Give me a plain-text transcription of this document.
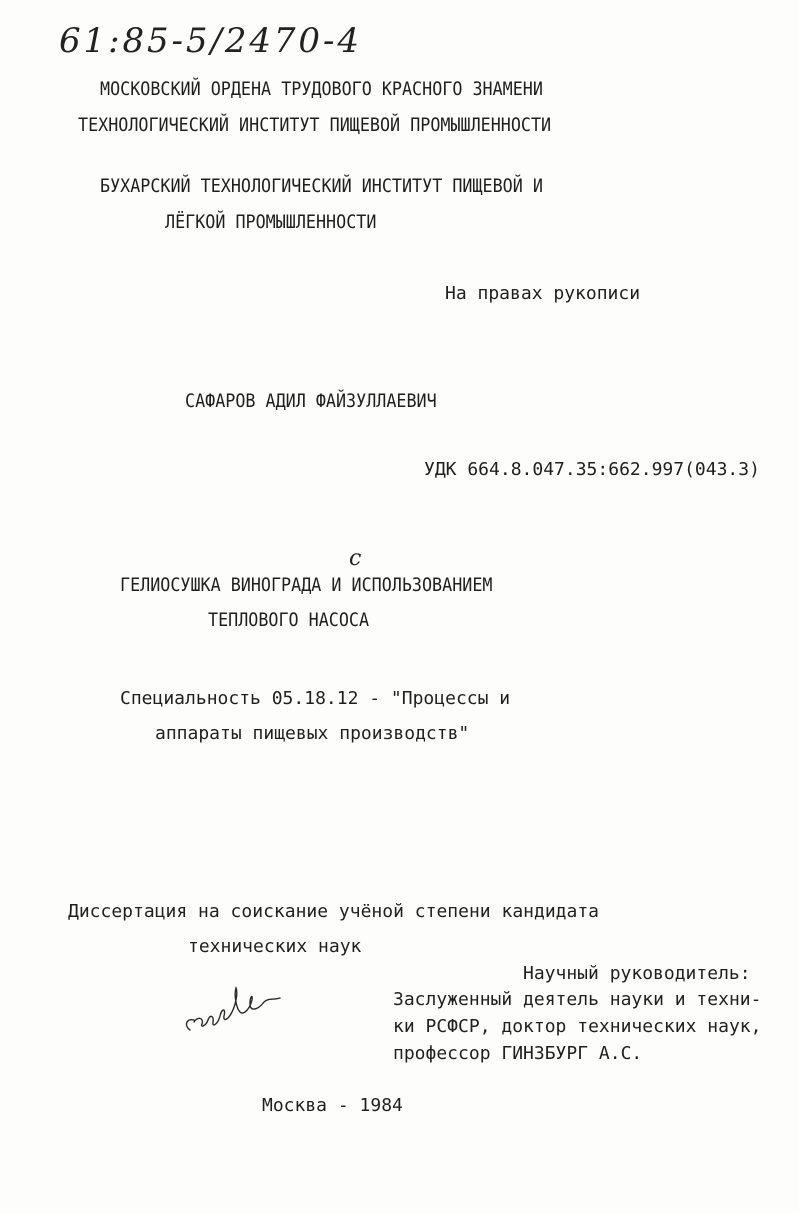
61:85-5/2470-4
МОСКОВСКИЙ ОРДЕНА ТРУДОВОГО КРАСНОГО ЗНАМЕНИ
ТЕХНОЛОГИЧЕСКИЙ ИНСТИТУТ ПИЩЕВОЙ ПРОМЫШЛЕННОСТИ
БУХАРСКИЙ ТЕХНОЛОГИЧЕСКИЙ ИНСТИТУТ ПИЩЕВОЙ И
ЛЁГКОЙ ПРОМЫШЛЕННОСТИ
На правах рукописи
САФАРОВ АДИЛ ФАЙЗУЛЛАЕВИЧ
УДК 664.8.047.35:662.997(043.3)
с
ГЕЛИОСУШКА ВИНОГРАДА И ИСПОЛЬЗОВАНИЕМ
ТЕПЛОВОГО НАСОСА
Специальность 05.18.12 - "Процессы и
аппараты пищевых производств"
Диссертация на соискание учёной степени кандидата
технических наук
Научный руководитель:
Заслуженный деятель науки и техни-
ки РСФСР, доктор технических наук,
профессор ГИНЗБУРГ А.С.
Москва - 1984
